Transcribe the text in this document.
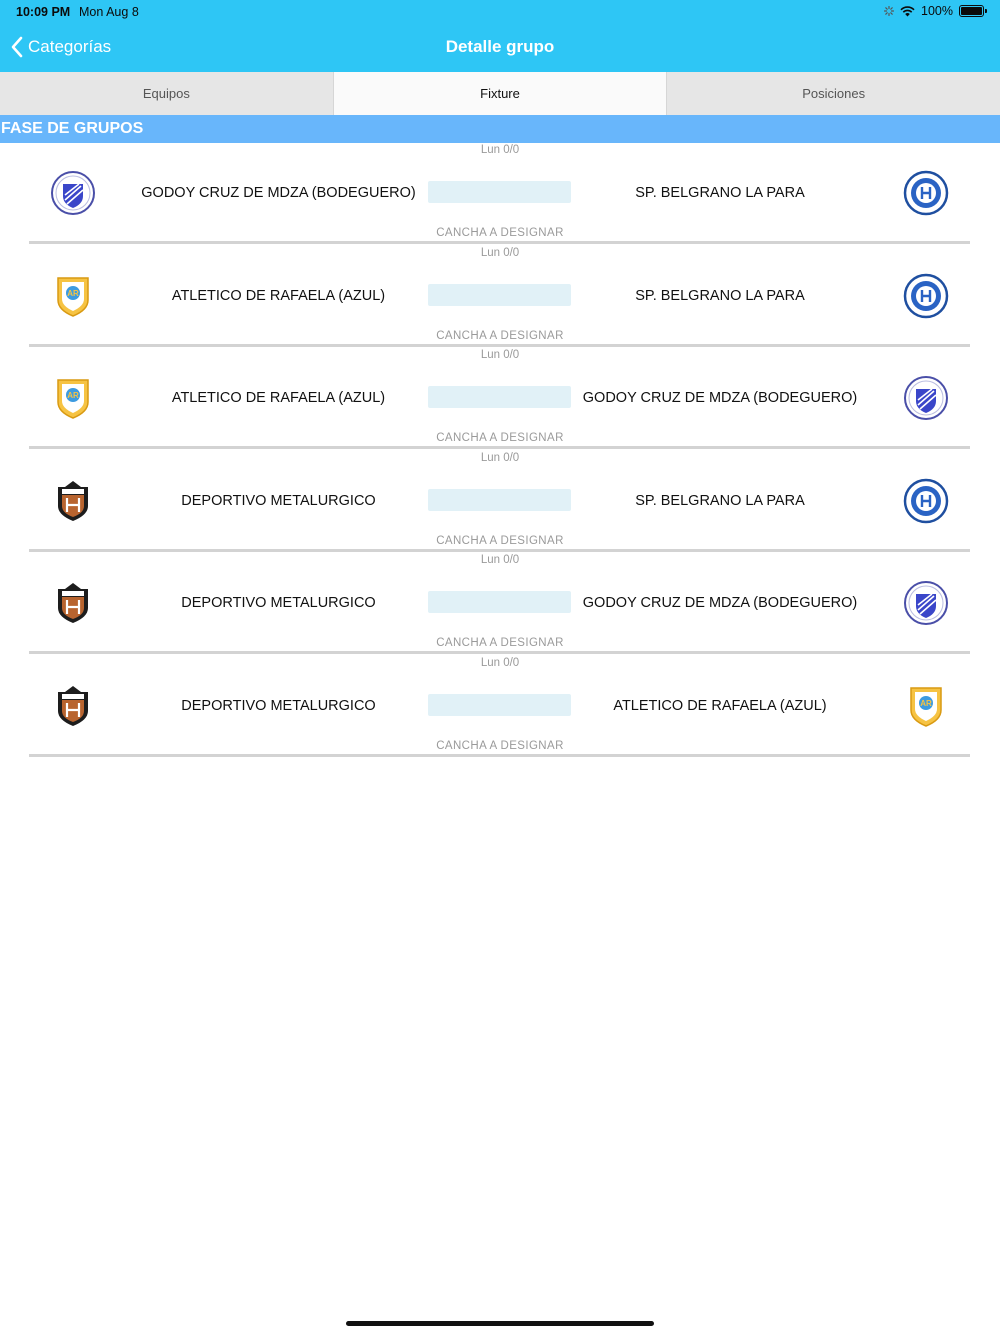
10:09 PM Mon Aug 8	100%
Categorías	Detalle grupo
Equipos	Fixture	Posiciones
FASE DE GRUPOS
Lun 0/0
GODOY CRUZ DE MDZA (BODEGUERO)	SP. BELGRANO LA PARA
CANCHA A DESIGNAR
Lun 0/0
AR	ATLETICO DE RAFAELA (AZUL)	SP. BELGRANO LA PARA
CANCHA A DESIGNAR
Lun 0/0
AR	ATLETICO DE RAFAELA (AZUL)	GODOY CRUZ DE MDZA (BODEGUERO)
CANCHA A DESIGNAR
Lun 0/0
DEPORTIVO METALURGICO	SP. BELGRANO LA PARA
CANCHA A DESIGNAR
Lun 0/0
DEPORTIVO METALURGICO	GODOY CRUZ DE MDZA (BODEGUERO)
CANCHA A DESIGNAR
Lun 0/0
DEPORTIVO METALURGICO	ATLETICO DE RAFAELA (AZUL)	AR
CANCHA A DESIGNAR
